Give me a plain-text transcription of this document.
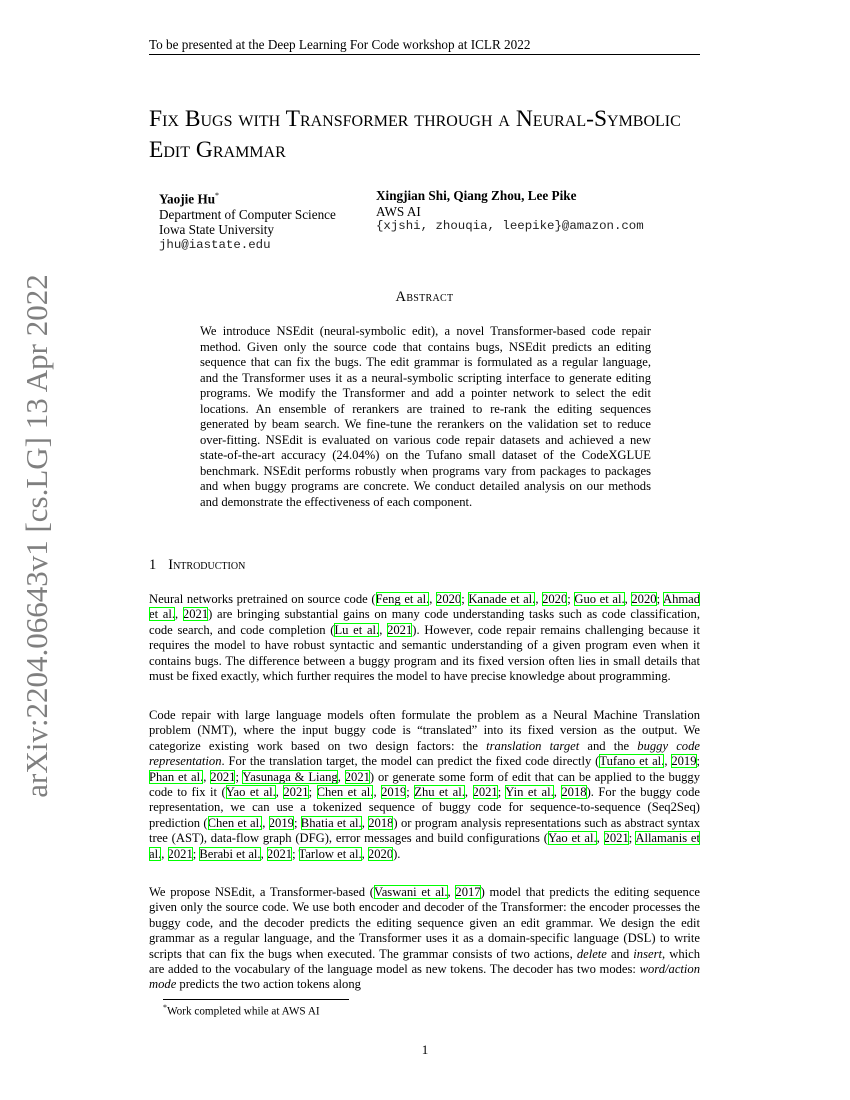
To be presented at the Deep Learning For Code workshop at ICLR 2022
arXiv:2204.06643v1 [cs.LG] 13 Apr 2022
Fix Bugs with Transformer through a Neural-Symbolic Edit Grammar
Yaojie Hu*
Department of Computer Science
Iowa State University
jhu@iastate.edu
Xingjian Shi, Qiang Zhou, Lee Pike
AWS AI
{xjshi, zhouqia, leepike}@amazon.com
Abstract
We introduce NSEdit (neural-symbolic edit), a novel Transformer-based code repair method. Given only the source code that contains bugs, NSEdit predicts an editing sequence that can fix the bugs. The edit grammar is formulated as a regular language, and the Transformer uses it as a neural-symbolic scripting interface to generate editing programs. We modify the Transformer and add a pointer network to select the edit locations. An ensemble of rerankers are trained to re-rank the editing sequences generated by beam search. We fine-tune the rerankers on the validation set to reduce over-fitting. NSEdit is evaluated on various code repair datasets and achieved a new state-of-the-art accuracy (24.04%) on the Tufano small dataset of the CodeXGLUE benchmark. NSEdit performs robustly when programs vary from packages to packages and when buggy programs are concrete. We conduct detailed analysis on our methods and demonstrate the effectiveness of each component.
1 Introduction

Neural networks pretrained on source code (Feng et al., 2020; Kanade et al., 2020; Guo et al., 2020; Ahmad et al., 2021) are bringing substantial gains on many code understanding tasks such as code classification, code search, and code completion (Lu et al., 2021). However, code repair remains challenging because it requires the model to have robust syntactic and semantic understanding of a given program even when it contains bugs. The difference between a buggy program and its fixed version often lies in small details that must be fixed exactly, which further requires the model to have precise knowledge about programming.

Code repair with large language models often formulate the problem as a Neural Machine Translation problem (NMT), where the input buggy code is “translated” into its fixed version as the output. We categorize existing work based on two design factors: the translation target and the buggy code representation. For the translation target, the model can predict the fixed code directly (Tufano et al., 2019; Phan et al., 2021; Yasunaga & Liang, 2021) or generate some form of edit that can be applied to the buggy code to fix it (Yao et al., 2021; Chen et al., 2019; Zhu et al., 2021; Yin et al., 2018). For the buggy code representation, we can use a tokenized sequence of buggy code for sequence-to-sequence (Seq2Seq) prediction (Chen et al., 2019; Bhatia et al., 2018) or program analysis representations such as abstract syntax tree (AST), data-flow graph (DFG), error messages and build configurations (Yao et al., 2021; Allamanis et al., 2021; Berabi et al., 2021; Tarlow et al., 2020).

We propose NSEdit, a Transformer-based (Vaswani et al., 2017) model that predicts the editing sequence given only the source code. We use both encoder and decoder of the Transformer: the encoder processes the buggy code, and the decoder predicts the editing sequence given an edit grammar. We design the edit grammar as a regular language, and the Transformer uses it as a domain-specific language (DSL) to write scripts that can fix the bugs when executed. The grammar consists of two actions, delete and insert, which are added to the vocabulary of the language model as new tokens. The decoder has two modes: word/action mode predicts the two action tokens along

*Work completed while at AWS AI
1
